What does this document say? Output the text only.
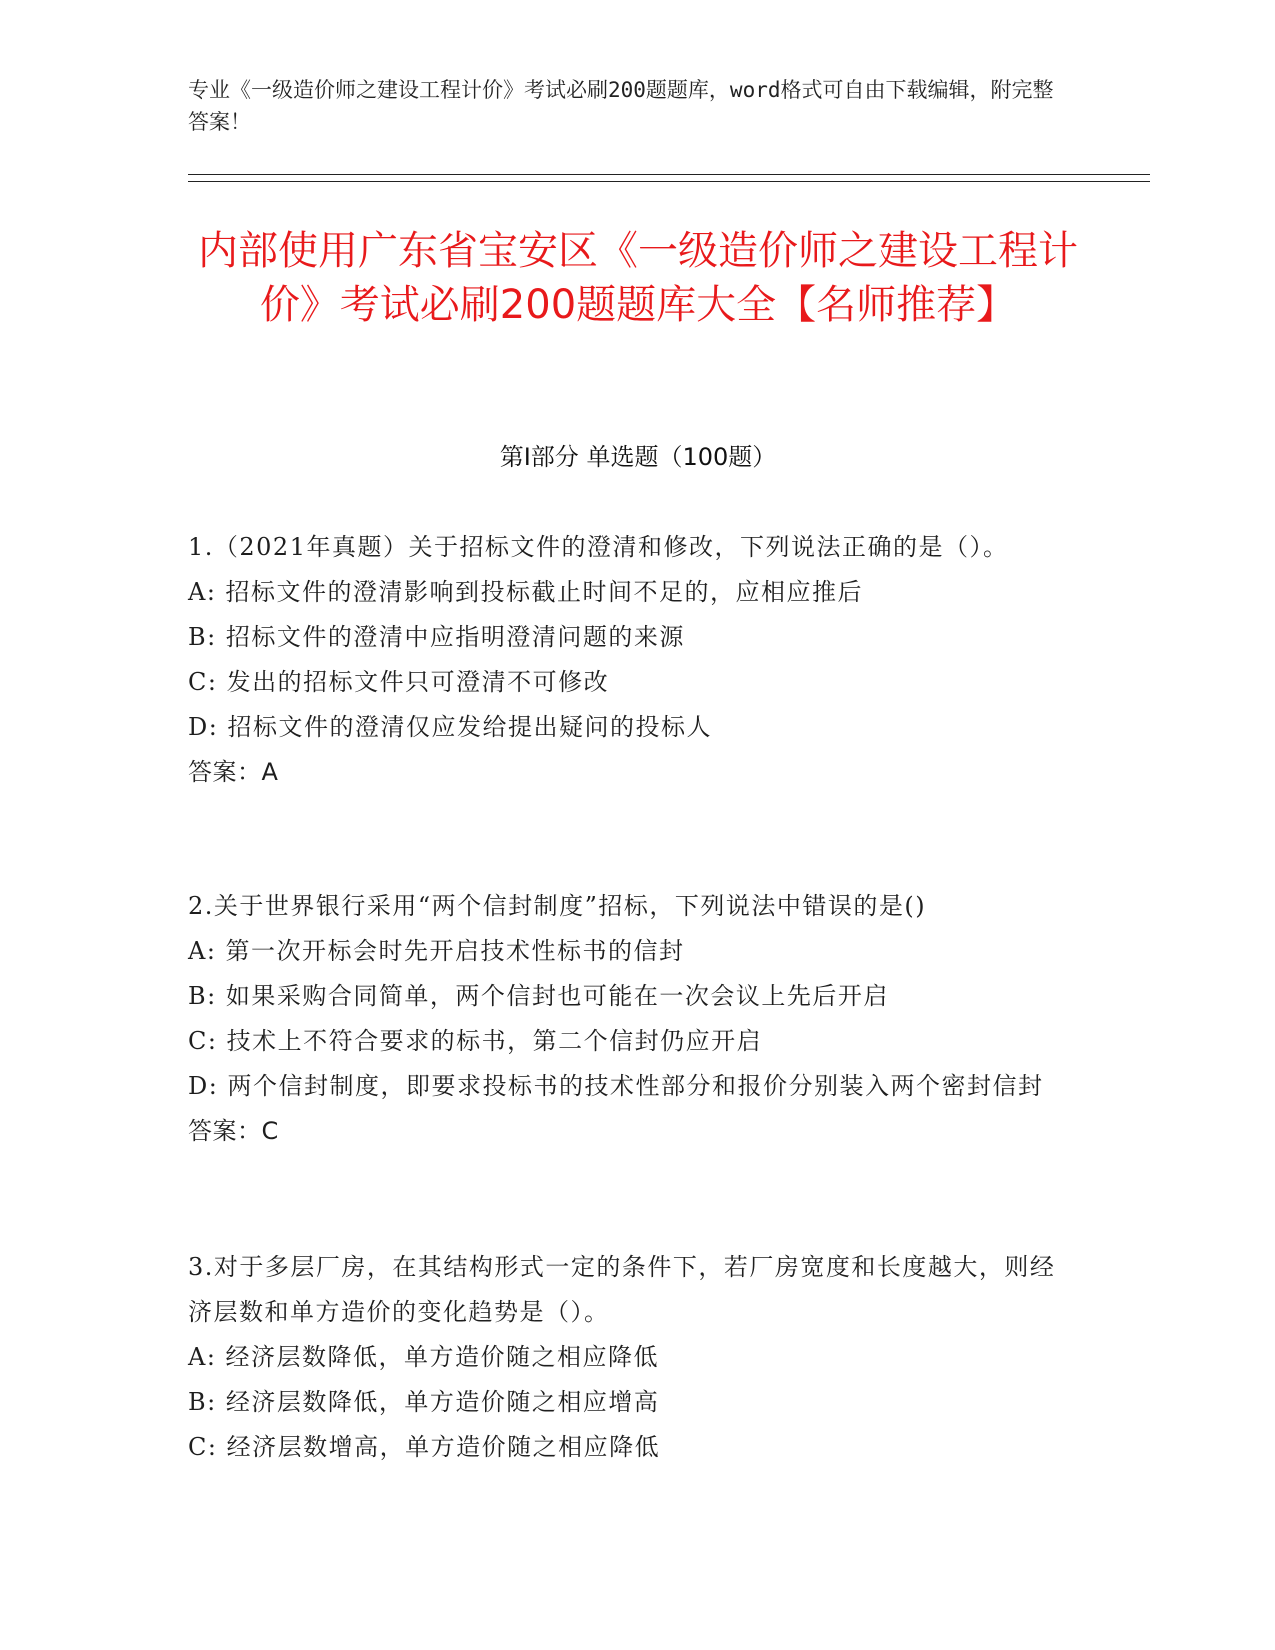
专业《一级造价师之建设工程计价》考试必刷200题题库，word格式可自由下载编辑，附完整答案！
内部使用广东省宝安区《一级造价师之建设工程计价》考试必刷200题题库大全【名师推荐】
第I部分 单选题（100题）

1.（2021年真题）关于招标文件的澄清和修改，下列说法正确的是（）。

A: 招标文件的澄清影响到投标截止时间不足的，应相应推后

B: 招标文件的澄清中应指明澄清问题的来源

C: 发出的招标文件只可澄清不可修改

D: 招标文件的澄清仅应发给提出疑问的投标人

答案：A

2.关于世界银行采用“两个信封制度”招标，下列说法中错误的是()

A: 第一次开标会时先开启技术性标书的信封

B: 如果采购合同简单，两个信封也可能在一次会议上先后开启

C: 技术上不符合要求的标书，第二个信封仍应开启

D: 两个信封制度，即要求投标书的技术性部分和报价分别装入两个密封信封

答案：C

3.对于多层厂房，在其结构形式一定的条件下，若厂房宽度和长度越大，则经济层数和单方造价的变化趋势是（）。

A: 经济层数降低，单方造价随之相应降低

B: 经济层数降低，单方造价随之相应增高

C: 经济层数增高，单方造价随之相应降低
